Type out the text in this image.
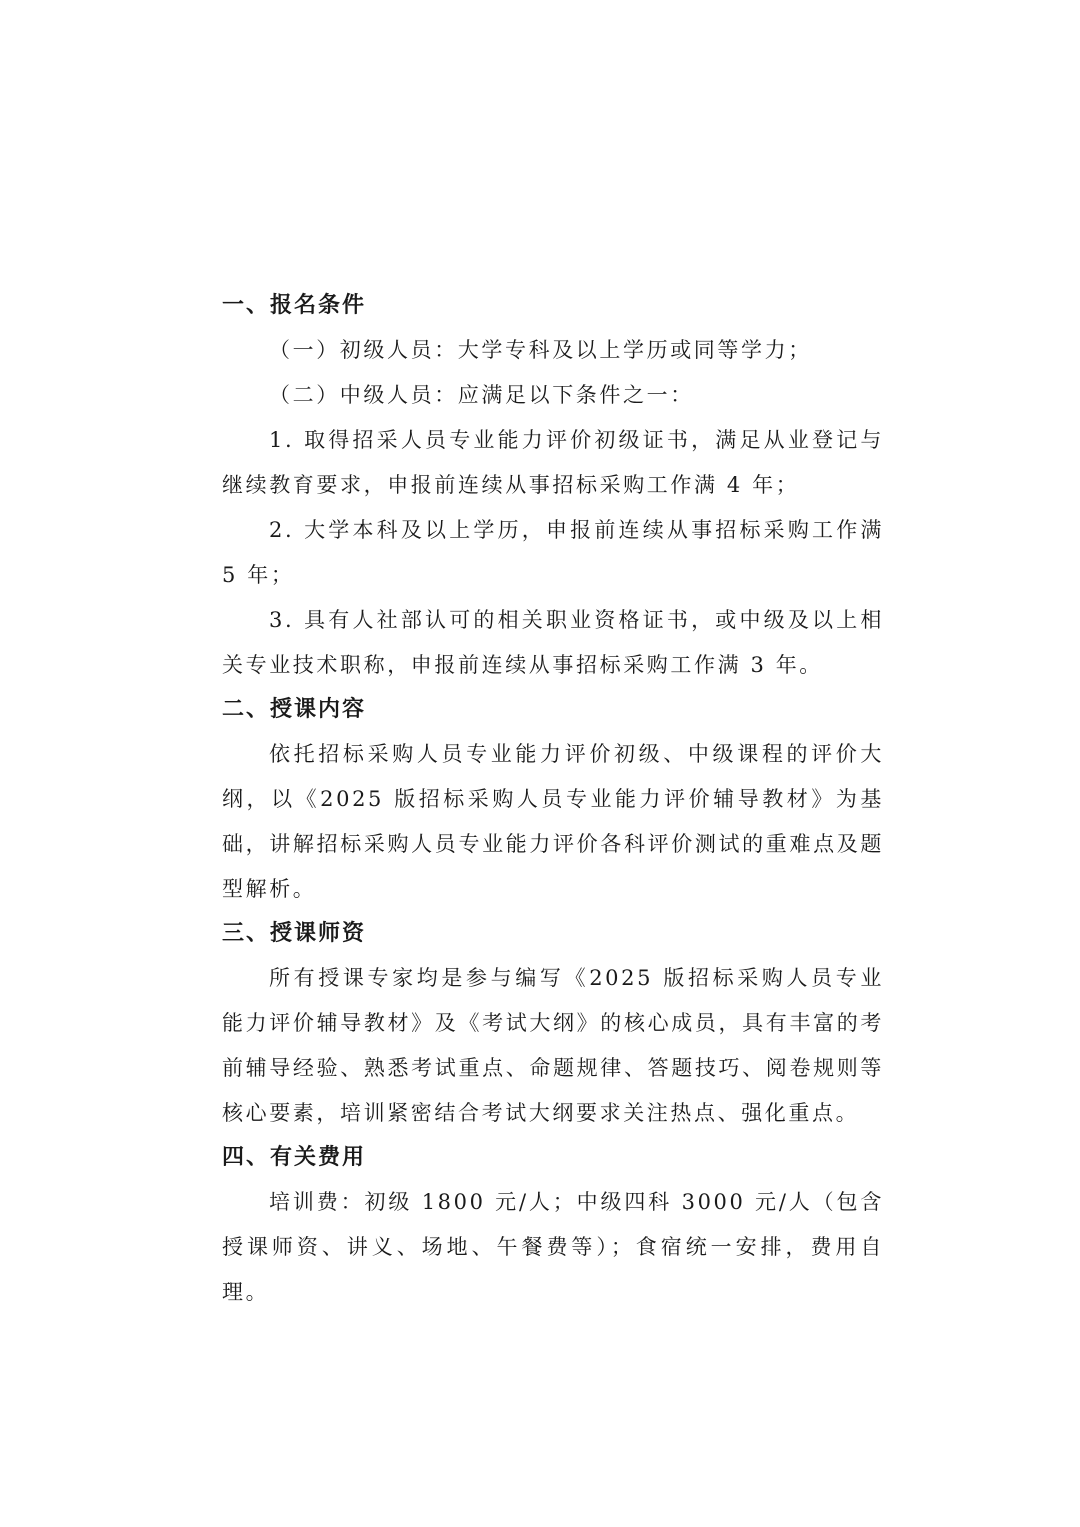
一、报名条件

（一）初级人员：大学专科及以上学历或同等学力；

（二）中级人员：应满足以下条件之一：

1. 取得招采人员专业能力评价初级证书，满足从业登记与继续教育要求，申报前连续从事招标采购工作满 4 年；

2. 大学本科及以上学历，申报前连续从事招标采购工作满 5 年；

3. 具有人社部认可的相关职业资格证书，或中级及以上相关专业技术职称，申报前连续从事招标采购工作满 3 年。

二、授课内容

依托招标采购人员专业能力评价初级、中级课程的评价大纲，以《2025 版招标采购人员专业能力评价辅导教材》为基础，讲解招标采购人员专业能力评价各科评价测试的重难点及题型解析。

三、授课师资

所有授课专家均是参与编写《2025 版招标采购人员专业能力评价辅导教材》及《考试大纲》的核心成员，具有丰富的考前辅导经验、熟悉考试重点、命题规律、答题技巧、阅卷规则等核心要素，培训紧密结合考试大纲要求关注热点、强化重点。

四、有关费用

培训费：初级 1800 元/人；中级四科 3000 元/人（包含授课师资、讲义、场地、午餐费等）；食宿统一安排，费用自理。
